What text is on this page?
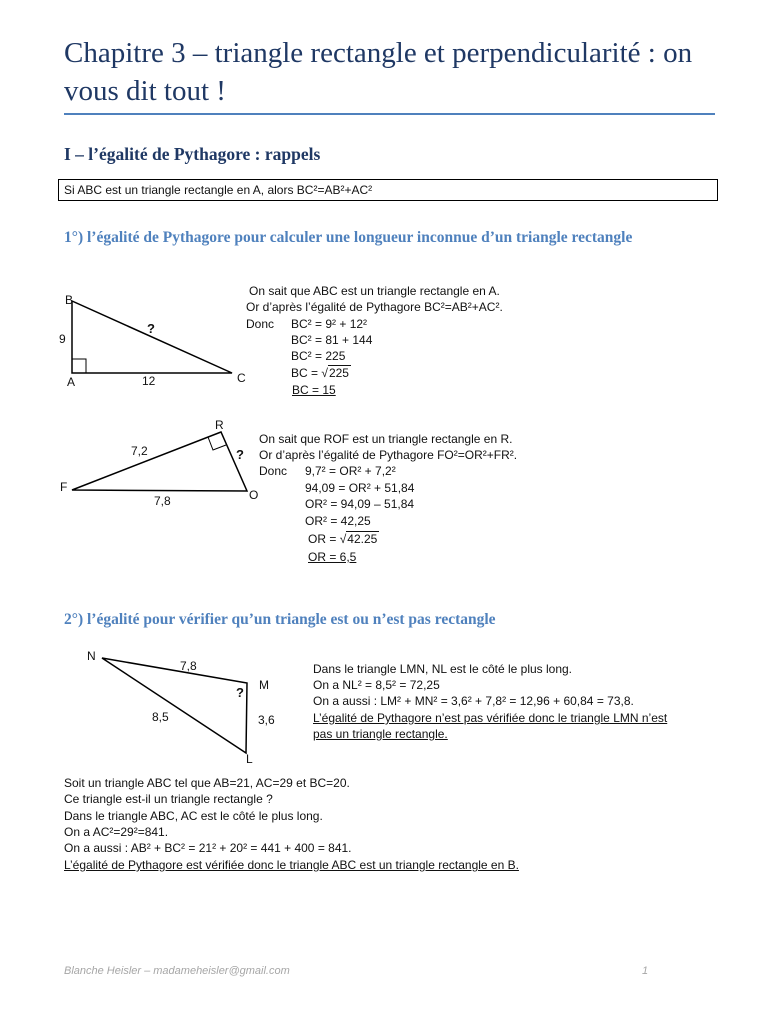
Chapitre 3 – triangle rectangle et perpendicularité : on vous dit tout !
I – l’égalité de Pythagore : rappels
Si ABC est un triangle rectangle en A, alors BC²=AB²+AC²
1°) l’égalité de Pythagore pour calculer une longueur inconnue d’un triangle rectangle
B
A	C
9
12
?
On sait que ABC est un triangle rectangle en A.
Or d’après l’égalité de Pythagore BC²=AB²+AC².
Donc BC² = 9² + 12²
BC² = 81 + 144
BC² = 225
BC = √225
BC = 15
R
F
O
7,2
7,8
?
On sait que ROF est un triangle rectangle en R.
Or d’après l’égalité de Pythagore FO²=OR²+FR².
Donc 9,7² = OR² + 7,2²
94,09 = OR² + 51,84
OR² = 94,09 – 51,84
OR² = 42,25
OR = √42.25
OR = 6,5
2°) l’égalité pour vérifier qu’un triangle est ou n’est pas rectangle
N
M
L
7,8
8,5	3,6
?
Dans le triangle LMN, NL est le côté le plus long.
On a NL² = 8,5² = 72,25
On a aussi : LM² + MN² = 3,6² + 7,8² = 12,96 + 60,84 = 73,8.
L’égalité de Pythagore n’est pas vérifiée donc le triangle LMN n’est
pas un triangle rectangle.
Soit un triangle ABC tel que AB=21, AC=29 et BC=20.
Ce triangle est-il un triangle rectangle ?
Dans le triangle ABC, AC est le côté le plus long.
On a AC²=29²=841.
On a aussi : AB² + BC² = 21² + 20² = 441 + 400 = 841.
L’égalité de Pythagore est vérifiée donc le triangle ABC est un triangle rectangle en B.
Blanche Heisler – madameheisler@gmail.com	1
